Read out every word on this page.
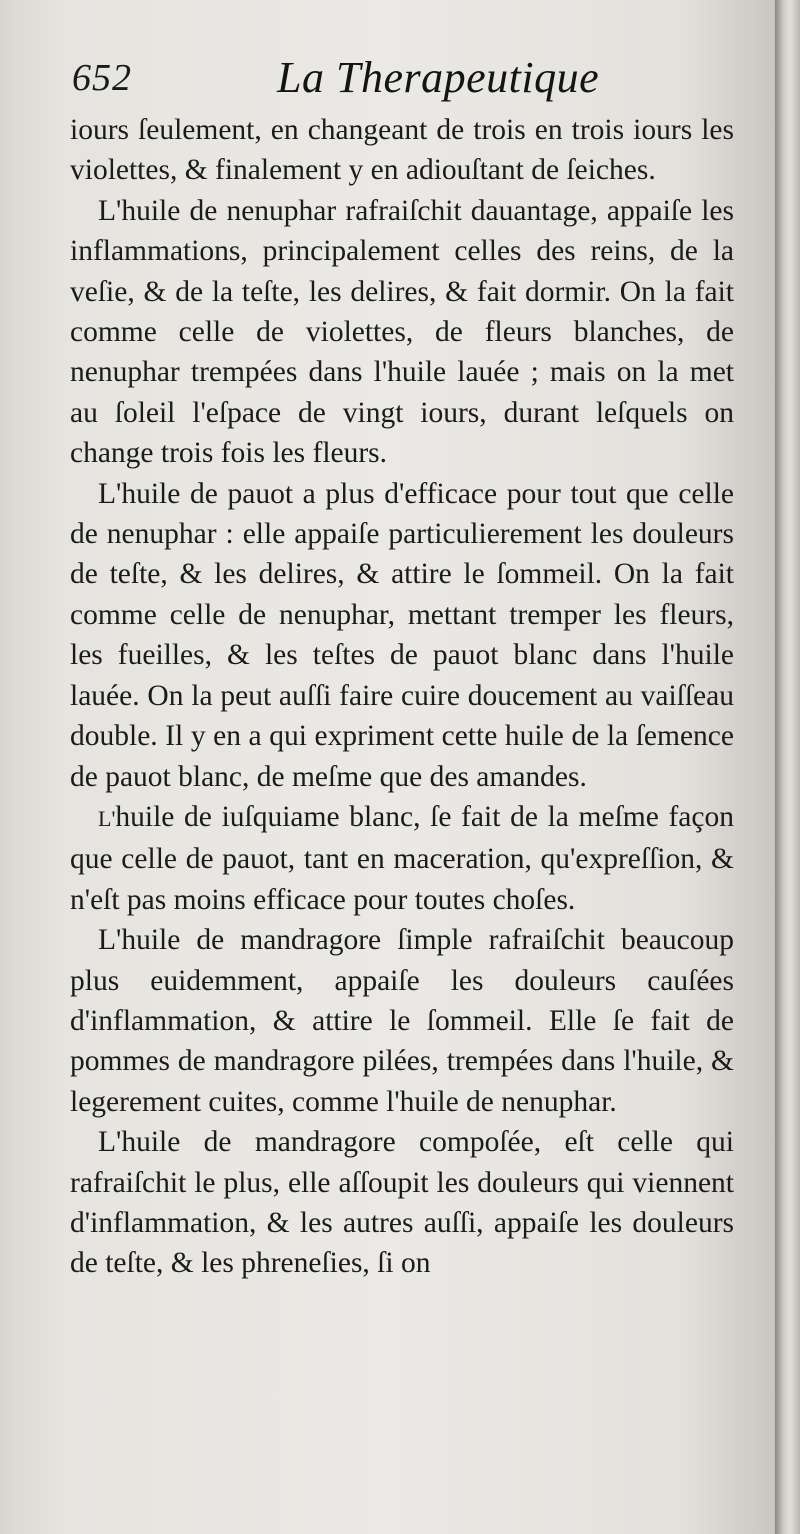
652	La Therapeutique

iours ſeulement, en changeant de trois en trois iours les violettes, & finalement y en adiouſtant de ſeiches.

L'huile de nenuphar rafraiſchit dauantage, appaiſe les inflammations, principalement celles des reins, de la veſie, & de la teſte, les delires, & fait dormir. On la fait comme celle de violettes, de fleurs blanches, de nenuphar trempées dans l'huile lauée ; mais on la met au ſoleil l'eſpace de vingt iours, durant leſquels on change trois fois les fleurs.

L'huile de pauot a plus d'efficace pour tout que celle de nenuphar : elle appaiſe particulierement les douleurs de teſte, & les delires, & attire le ſommeil. On la fait comme celle de nenuphar, mettant tremper les fleurs, les fueilles, & les teſtes de pauot blanc dans l'huile lauée. On la peut auſſi faire cuire doucement au vaiſſeau double. Il y en a qui expriment cette huile de la ſemence de pauot blanc, de meſme que des amandes.

L'huile de iuſquiame blanc, ſe fait de la meſme façon que celle de pauot, tant en maceration, qu'expreſſion, & n'eſt pas moins efficace pour toutes choſes.

L'huile de mandragore ſimple rafraiſchit beaucoup plus euidemment, appaiſe les douleurs cauſées d'inflammation, & attire le ſommeil. Elle ſe fait de pommes de mandragore pilées, trempées dans l'huile, & legerement cuites, comme l'huile de nenuphar.

L'huile de mandragore compoſée, eſt celle qui rafraiſchit le plus, elle aſſoupit les douleurs qui viennent d'inflammation, & les autres auſſi, appaiſe les douleurs de teſte, & les phreneſies, ſi on
